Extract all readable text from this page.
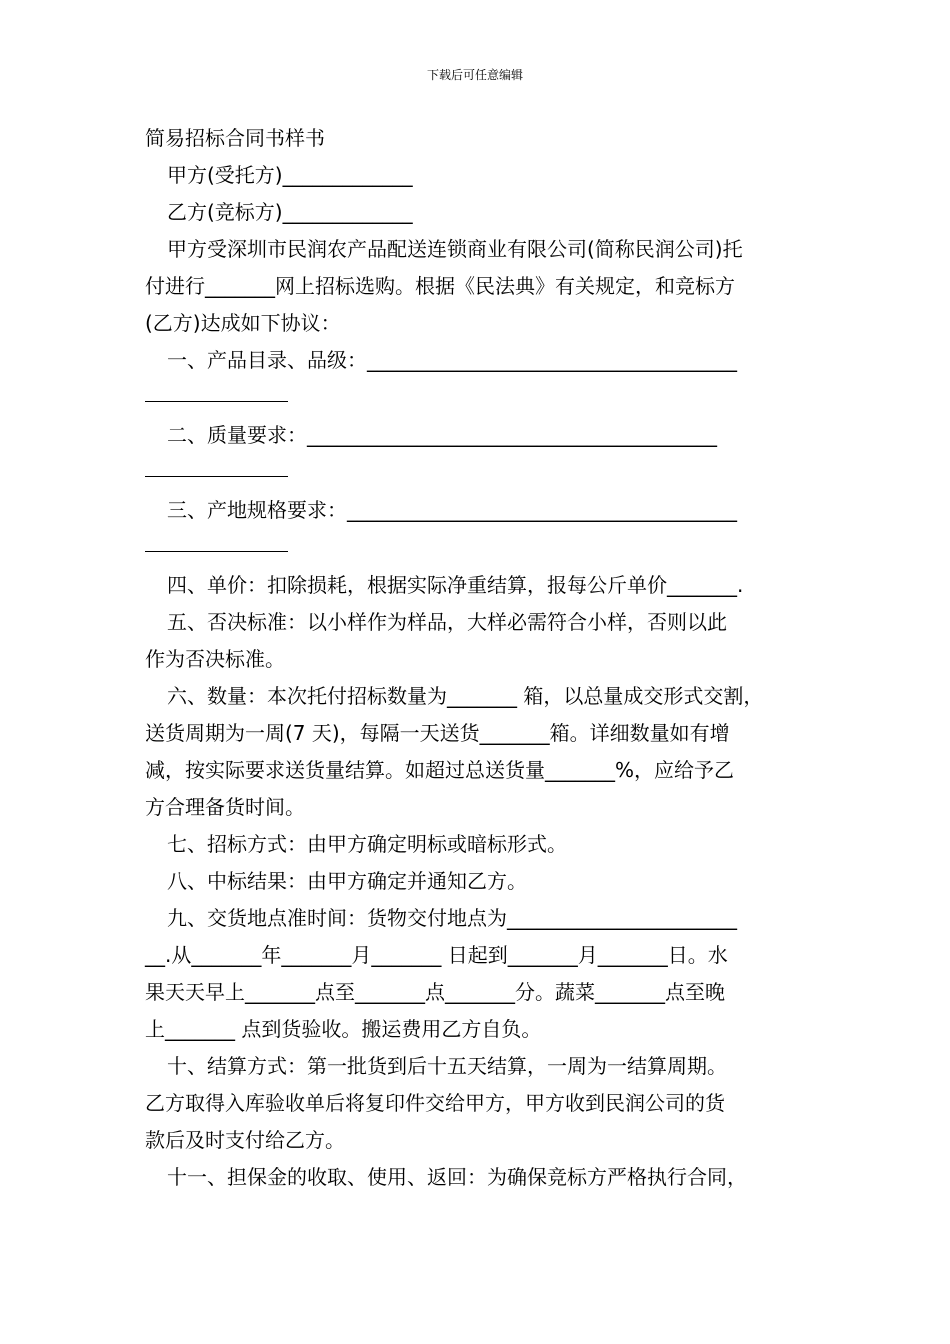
下载后可任意编辑
简易招标合同书样书
甲方(受托方)_____________
乙方(竞标方)_____________
甲方受深圳市民润农产品配送连锁商业有限公司(简称民润公司)托
付进行_______网上招标选购。根据《民法典》有关规定，和竞标方
(乙方)达成如下协议：
一、产品目录、品级：_____________________________________
二、质量要求：_________________________________________
三、产地规格要求：_______________________________________
四、单价：扣除损耗，根据实际净重结算，报每公斤单价_______.
五、否决标准：以小样作为样品，大样必需符合小样，否则以此
作为否决标准。
六、数量：本次托付招标数量为_______ 箱，以总量成交形式交割，
送货周期为一周(7 天)，每隔一天送货_______箱。详细数量如有增
减，按实际要求送货量结算。如超过总送货量_______%，应给予乙
方合理备货时间。
七、招标方式：由甲方确定明标或暗标形式。
八、中标结果：由甲方确定并通知乙方。
九、交货地点准时间：货物交付地点为_______________________
__.从_______年_______月_______ 日起到_______月_______日。水
果天天早上_______点至_______点_______分。蔬菜_______点至晚
上_______ 点到货验收。搬运费用乙方自负。
十、结算方式：第一批货到后十五天结算，一周为一结算周期。
乙方取得入库验收单后将复印件交给甲方，甲方收到民润公司的货
款后及时支付给乙方。
十一、担保金的收取、使用、返回：为确保竞标方严格执行合同，
